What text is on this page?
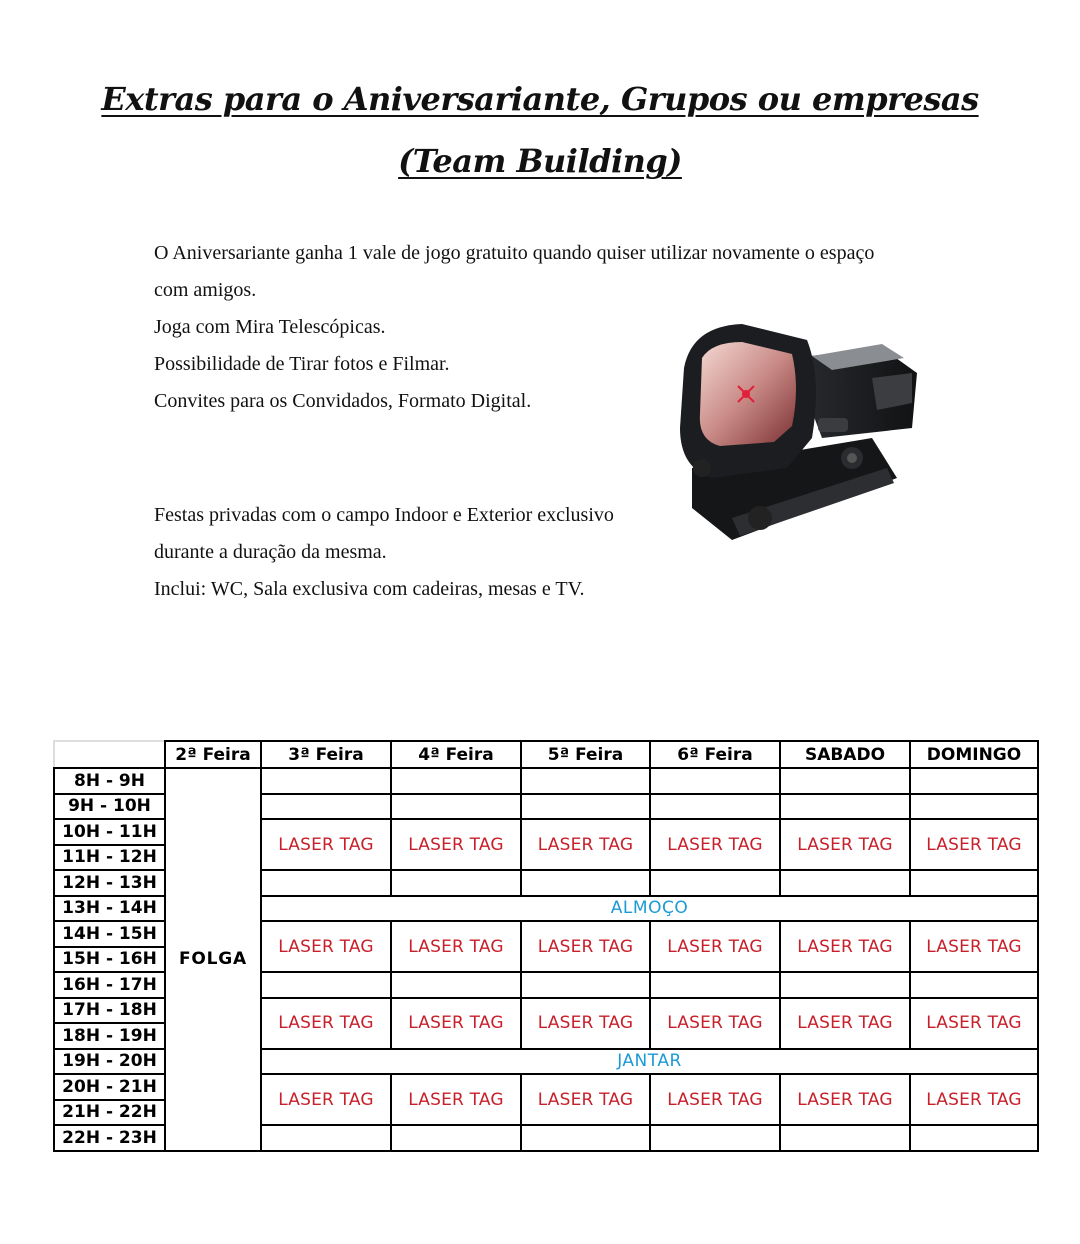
Extras para o Aniversariante, Grupos ou empresas
(Team Building)
O Aniversariante ganha 1 vale de jogo gratuito quando quiser utilizar novamente o espaço
com amigos.
Joga com Mira Telescópicas.
Possibilidade de Tirar fotos e Filmar.
Convites para os Convidados, Formato Digital.
Festas privadas com o campo Indoor e Exterior exclusivo
durante a duração da mesma.
Inclui: WC, Sala exclusiva com cadeiras, mesas e TV.
	2ª Feira	3ª Feira	4ª Feira	5ª Feira	6ª Feira	SABADO	DOMINGO
8H - 9H	FOLGA						
9H - 10H							
10H - 11H		LASER TAG	LASER TAG	LASER TAG	LASER TAG	LASER TAG	LASER TAG
11H - 12H							
12H - 13H							
13H - 14H		ALMOÇO					
14H - 15H		LASER TAG	LASER TAG	LASER TAG	LASER TAG	LASER TAG	LASER TAG
15H - 16H							
16H - 17H							
17H - 18H		LASER TAG	LASER TAG	LASER TAG	LASER TAG	LASER TAG	LASER TAG
18H - 19H							
19H - 20H		JANTAR					
20H - 21H		LASER TAG	LASER TAG	LASER TAG	LASER TAG	LASER TAG	LASER TAG
21H - 22H							
22H - 23H							
